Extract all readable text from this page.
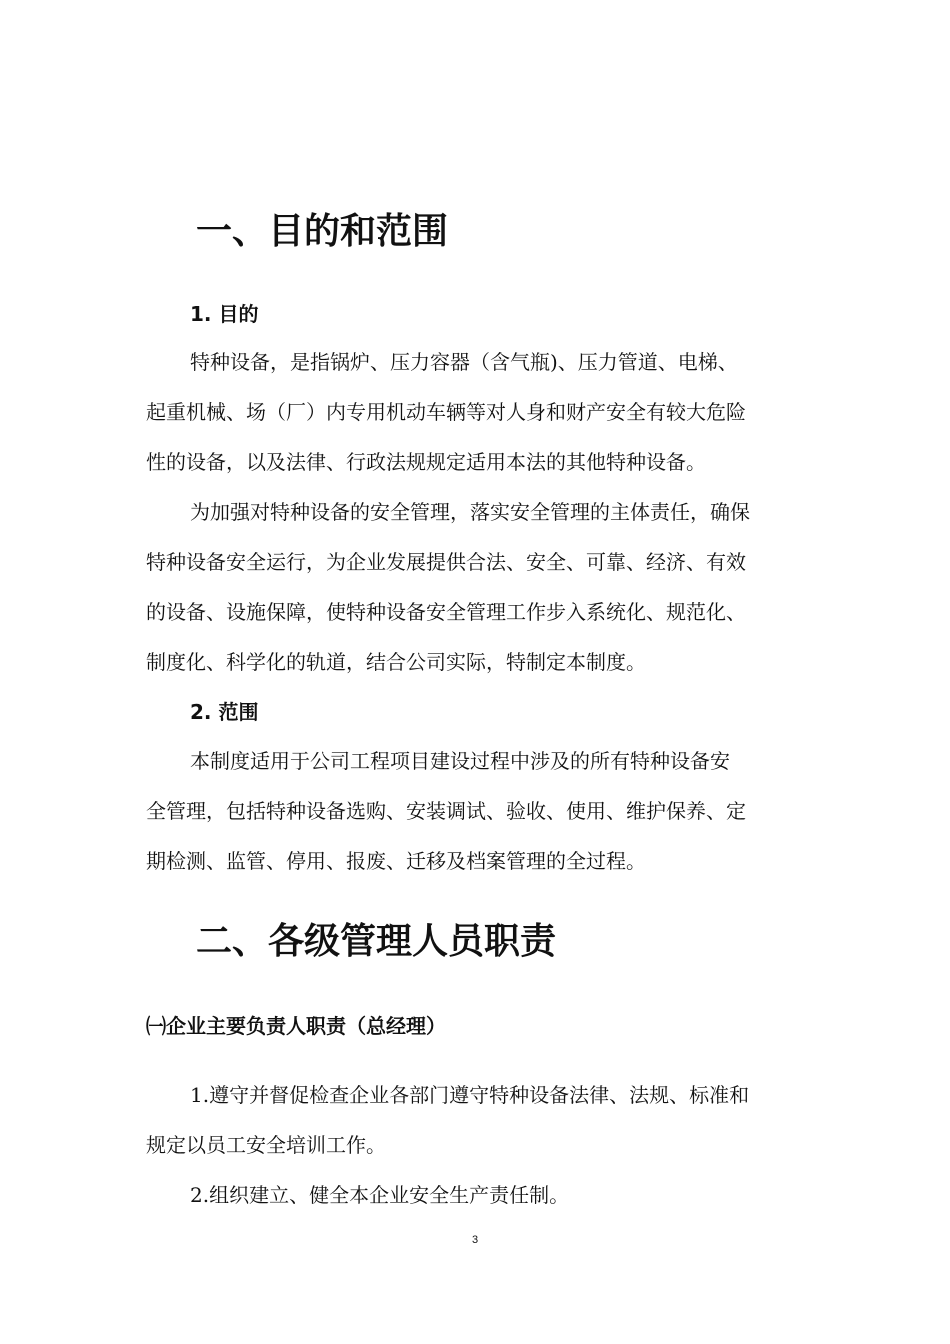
一、目的和范围
1. 目的
特种设备，是指锅炉、压力容器（含气瓶)、压力管道、电梯、
起重机械、场（厂）内专用机动车辆等对人身和财产安全有较大危险
性的设备，以及法律、行政法规规定适用本法的其他特种设备。
为加强对特种设备的安全管理，落实安全管理的主体责任，确保
特种设备安全运行，为企业发展提供合法、安全、可靠、经济、有效
的设备、设施保障，使特种设备安全管理工作步入系统化、规范化、
制度化、科学化的轨道，结合公司实际，特制定本制度。
2. 范围
本制度适用于公司工程项目建设过程中涉及的所有特种设备安
全管理，包括特种设备选购、安装调试、验收、使用、维护保养、定
期检测、监管、停用、报废、迁移及档案管理的全过程。
二、各级管理人员职责
㈠企业主要负责人职责（总经理）
1.遵守并督促检查企业各部门遵守特种设备法律、法规、标准和
规定以员工安全培训工作。
2.组织建立、健全本企业安全生产责任制。
3
